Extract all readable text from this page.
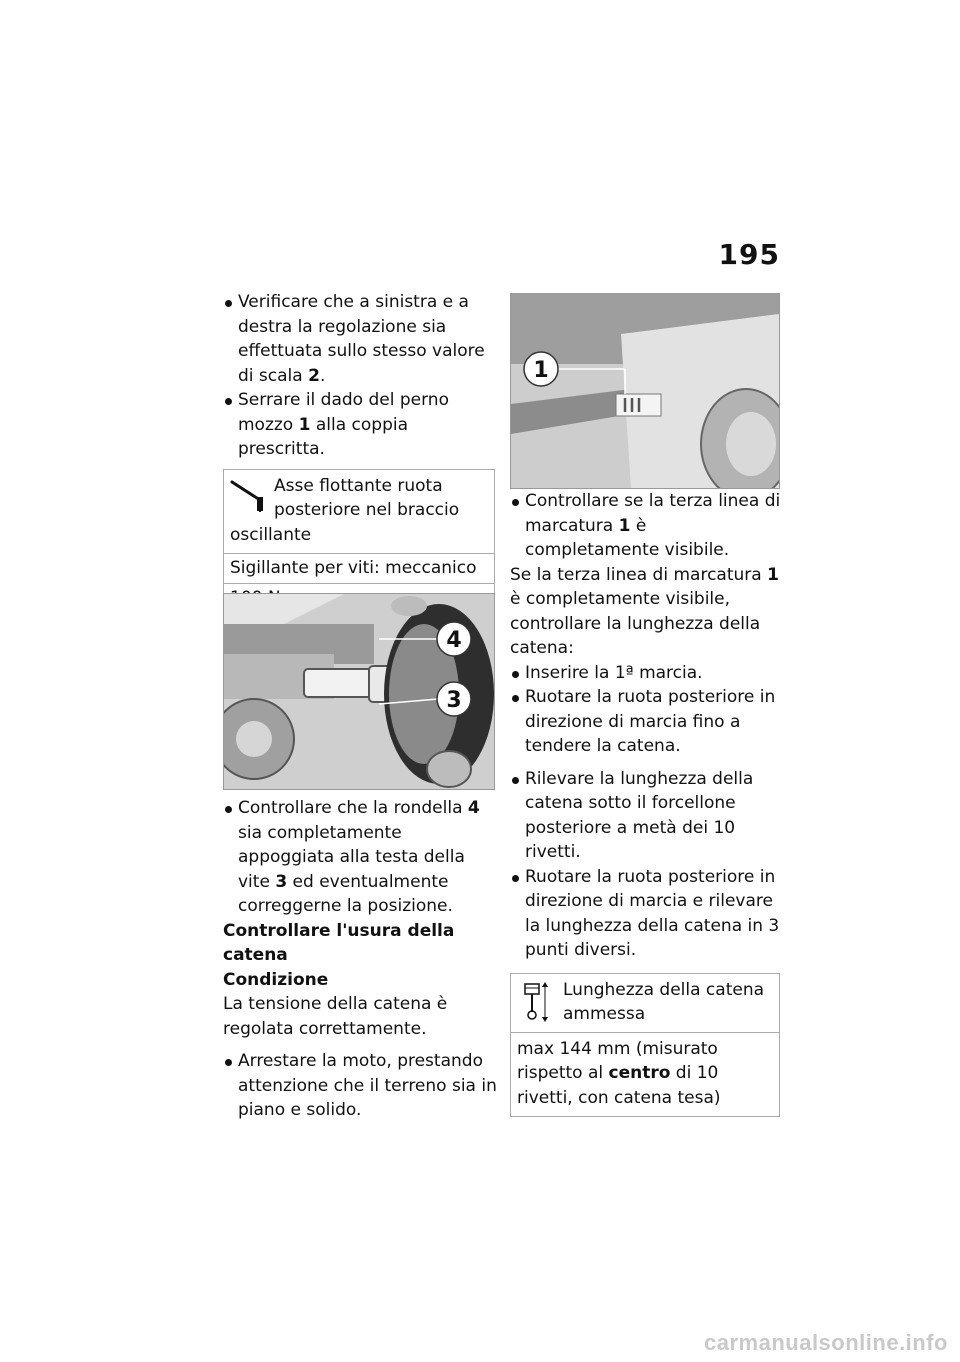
195

Verificare che a sinistra e a destra la regolazione sia effettuata sullo stesso valore di scala 2.

Serrare il dado del perno mozzo 1 alla coppia prescritta.

Asse flottante ruota posteriore nel braccio
oscillante
Sigillante per viti: meccanico
4
3

Controllare che la rondella 4 sia completamente appoggiata alla testa della vite 3 ed eventualmente correggerne la posizione.

Controllare l'usura della catena

Condizione

La tensione della catena è regolata correttamente.

Arrestare la moto, prestando attenzione che il terreno sia in piano e solido.

1

Controllare se la terza linea di marcatura 1 è completamente visibile.

Se la terza linea di marcatura 1 è completamente visibile, controllare la lunghezza della catena:

Inserire la 1ª marcia.

Ruotare la ruota posteriore in direzione di marcia fino a tendere la catena.

Rilevare la lunghezza della catena sotto il forcellone posteriore a metà dei 10 rivetti.

Ruotare la ruota posteriore in direzione di marcia e rilevare la lunghezza della catena in 3 punti diversi.

Lunghezza della catena ammessa
max 144 mm (misurato rispetto al centro di 10 rivetti, con catena tesa)
carmanualsonline.info
